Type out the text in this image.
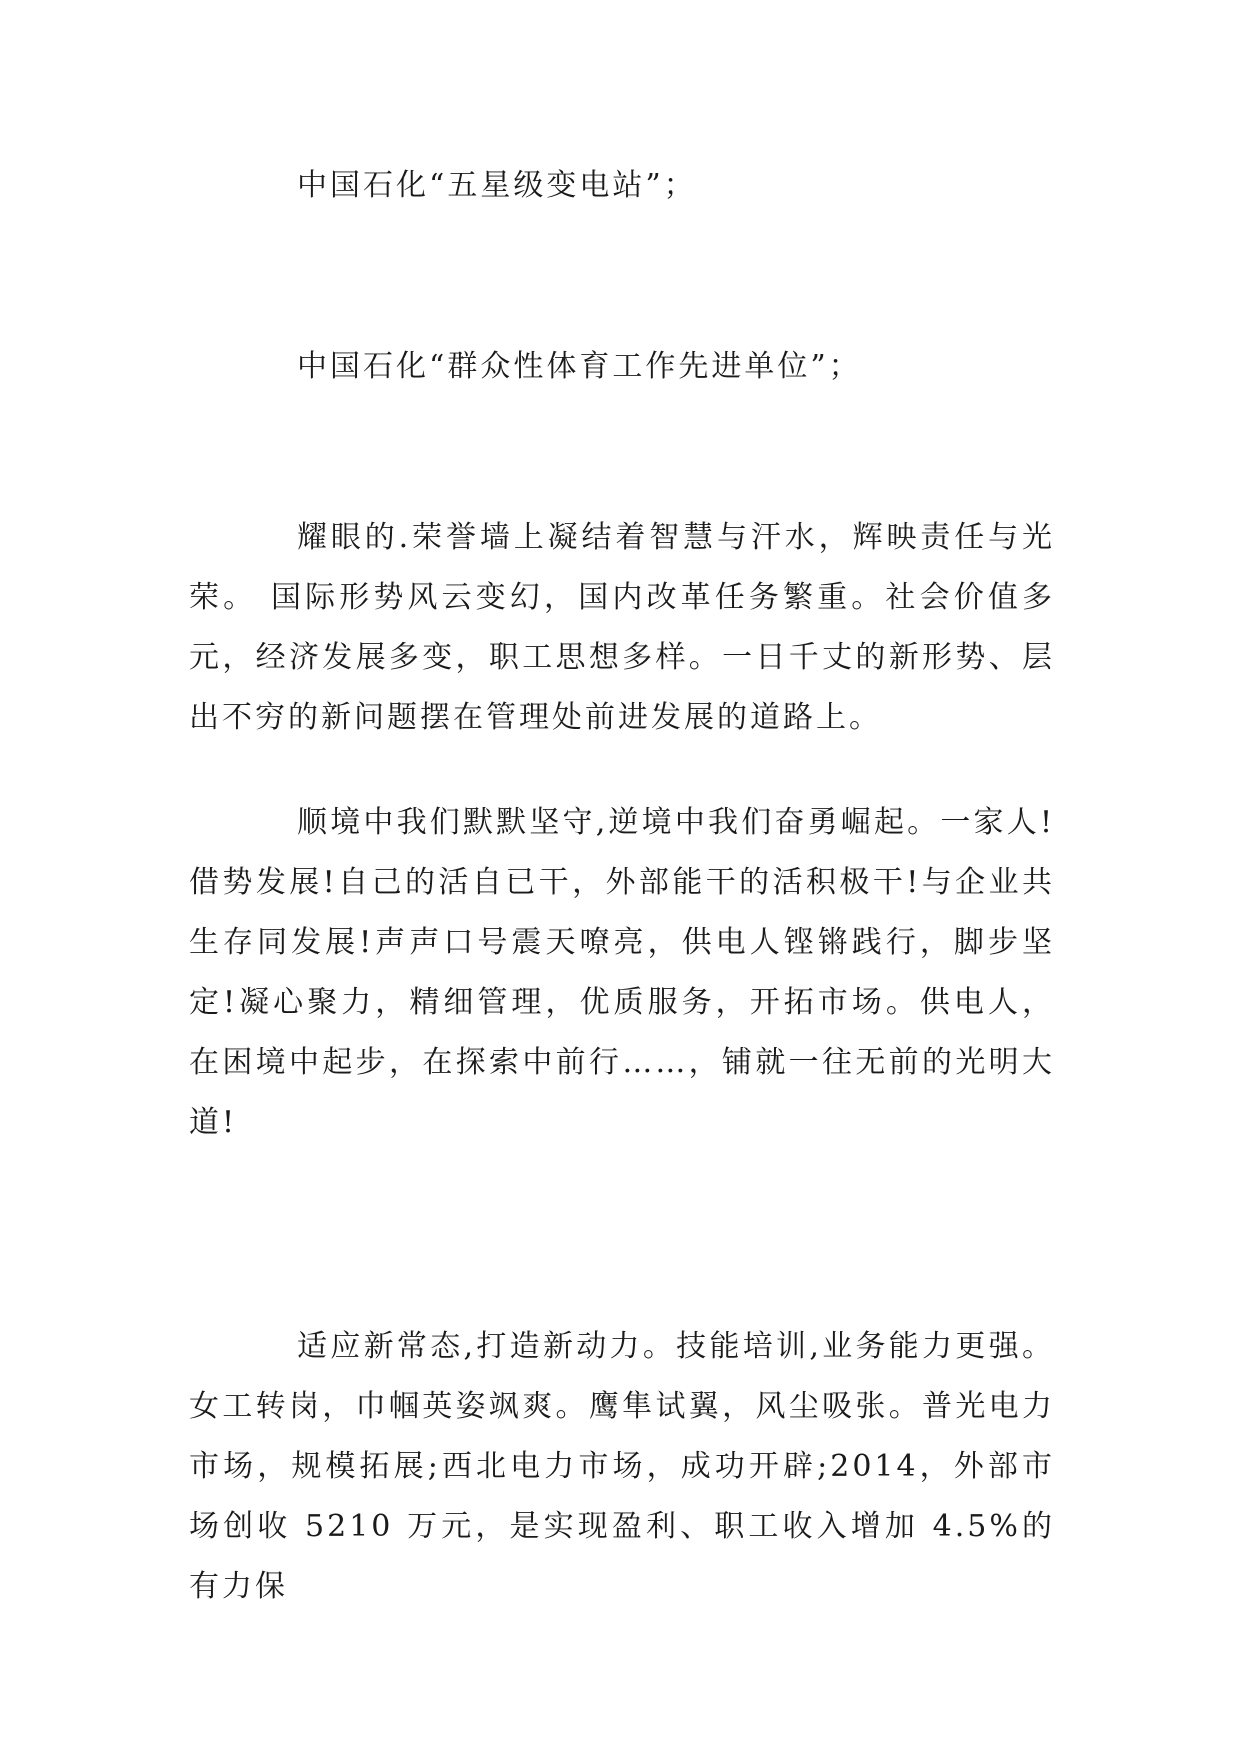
中国石化“五星级变电站”；

中国石化“群众性体育工作先进单位”；

耀眼的.荣誉墙上凝结着智慧与汗水，辉映责任与光荣。 国际形势风云变幻，国内改革任务繁重。社会价值多元，经济发展多变，职工思想多样。一日千丈的新形势、层出不穷的新问题摆在管理处前进发展的道路上。

顺境中我们默默坚守,逆境中我们奋勇崛起。一家人!借势发展!自己的活自已干，外部能干的活积极干!与企业共生存同发展!声声口号震天嘹亮，供电人铿锵践行，脚步坚定!凝心聚力，精细管理，优质服务，开拓市场。供电人，在困境中起步，在探索中前行……，铺就一往无前的光明大道!

适应新常态,打造新动力。技能培训,业务能力更强。女工转岗，巾帼英姿飒爽。鹰隼试翼，风尘吸张。普光电力市场，规模拓展;西北电力市场，成功开辟;2014，外部市场创收 5210 万元，是实现盈利、职工收入增加 4.5%的有力保
